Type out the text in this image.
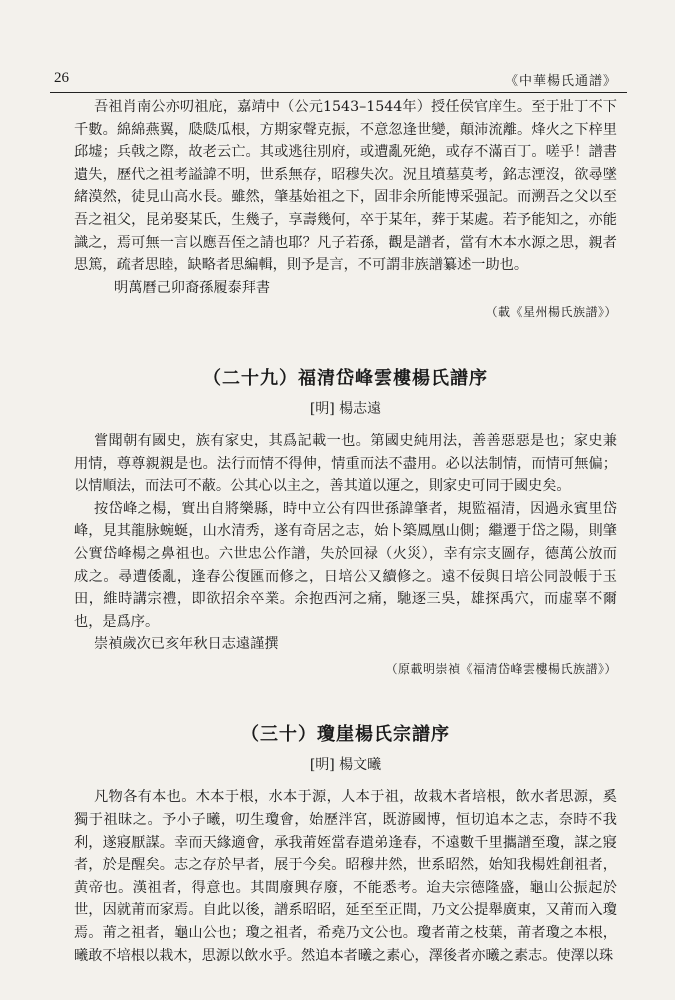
26	《中華楊氏通譜》

吾祖肖南公亦叨祖庇，嘉靖中（公元1543–1544年）授任侯官庠生。至于壯丁不下千數。綿綿燕翼，瓞瓞瓜根，方期家聲克振，不意忽逢世變，顛沛流離。烽火之下梓里邱墟；兵戟之際，故老云亡。其或逃往別府，或遭亂死絶，或存不滿百丁。嗟乎！譜書遺失，歷代之祖考謚諱不明，世系無存，昭穆失次。況且墳墓莫考，銘志湮沒，欲尋墜緒漠然，徒見山高水長。雖然，肇基始祖之下，固非余所能博采强記。而溯吾之父以至吾之祖父，昆弟娶某氏，生幾子，享壽幾何，卒于某年，葬于某處。若予能知之，亦能識之，焉可無一言以應吾侄之請也耶？凡子若孫，觀是譜者，當有木本水源之思，親者思篤，疏者思睦，缺略者思編輯，則予是言，不可謂非族譜纂述一助也。

明萬曆己卯裔孫履泰拜書

（載《星州楊氏族譜》）

（二十九）福清岱峰雲樓楊氏譜序
[明] 楊志遠

嘗聞朝有國史，族有家史，其爲記載一也。第國史純用法，善善惡惡是也；家史兼用情，尊尊親親是也。法行而情不得伸，情重而法不盡用。必以法制情，而情可無偏；以情順法，而法可不蔽。公其心以主之，善其道以運之，則家史可同于國史矣。

按岱峰之楊，實出自將樂縣，時中立公有四世孫諱肇者，規監福清，因過永賓里岱峰，見其龍脉蜿蜒，山水清秀，遂有奇居之志，始卜築鳳凰山側；繼遷于岱之陽，則肇公實岱峰楊之鼻祖也。六世忠公作譜，失於回禄（火災），幸有宗支圖存，德萬公放而成之。尋遭倭亂，逢春公復匯而修之，日培公又續修之。遠不佞與日培公同設帳于玉田，維時講宗禮，即欲招余卒業。余抱西河之痛，馳逐三吳，雄探禹穴，而虚辜不爾也，是爲序。

崇禎歲次已亥年秋日志遠謹撰

（原載明崇禎《福清岱峰雲樓楊氏族譜》）

（三十）瓊崖楊氏宗譜序
[明] 楊文曦

凡物各有本也。木本于根，水本于源，人本于祖，故栽木者培根，飲水者思源，奚獨于祖昧之。予小子曦，叨生瓊會，始歷泮宮，既游國博，恒切追本之志，奈時不我利，遂寢厭謀。幸而天緣適會，承我莆姪當春遣弟逢春，不遠數千里攜譜至瓊，謀之寢者，於是醒矣。志之存於早者，展于今矣。昭穆井然，世系昭然，始知我楊姓創祖者，黄帝也。漢祖者，得意也。其間廢興存廢，不能悉考。迨夫宗德隆盛，龜山公振起於世，因就莆而家焉。自此以後，譜系昭昭，延至至正間，乃文公提舉廣東，又莆而入瓊焉。莆之祖者，龜山公也；瓊之祖者，希堯乃文公也。瓊者莆之枝葉，莆者瓊之本根，曦敢不培根以栽木，思源以飲水乎。然追本者曦之素心，澤後者亦曦之素志。使澤以珠
